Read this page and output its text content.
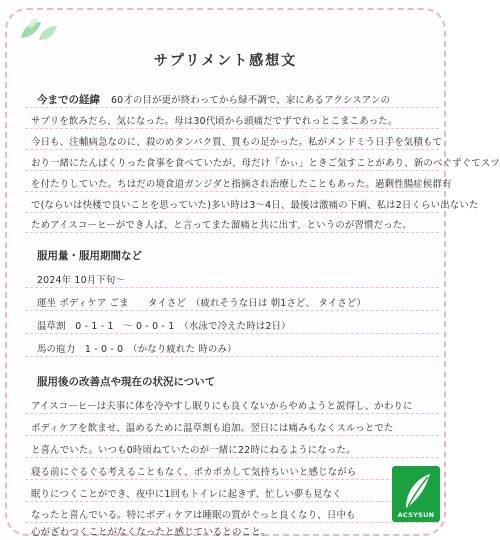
サプリメント感想文
今までの経緯 60才の目が更が終わってから緑不調で、家にあるアクシスアンの
サプリを飲みだら、気になった。母は30代頃から頭痛だでずでれっとこまこあった。
今日も、注輔病急なのに、殺のめタンパク質、質もの足かった。私がメンドミう日手を気積もて
おり一緒にたんぱくりった食事を食べていたが、母だけ「かぃ」ときご気すことがあり、新のべぐずぐてスツ
を付たりしていた。ちはだの境食道ガンジダと指摘され治療したこともあった。過剰性腸症候群有
で(ならいは快楼で良いことを思っていた)多い時は3～4日、最後は激痛の下痢、私は2日くらい出ないた
ためアイスコーヒーができ人ぱ、と言ってまた溜痛と共に出す、というのが習慣だった。
服用量・服用期間など
2024年 10月下旬～
運坐 ボディケア ごま　　タイさど　（疲れそうな日は 朝1さど、 タイさど）
温草割　0 - 1 - 1　～ 0 - 0 - 1　（水泳で冷えた時は2日）
馬の庖力　1 - 0 - 0　（かなり疲れた 時のみ）
服用後の改善点や現在の状況について
アイスコーヒーは夫事に体を冷やすし眠りにも良くないからやめようと説得し、かわりに
ボディケアを飲ませ、温めるために温草割も追加。翌日には痛みもなくスルっとでた
と喜んでいた。いつも0時頃ねていたのが一緒に22時にねるようになった。
寝る前にぐるぐる考えることもなく、ポカポカして気持ちいいと感じながら
眠りにつくことができ、夜中に1回もトイレに起きず、忙しい夢も見なく
なったと喜んでいる。特にボディケアは睡眠の質がぐっと良くなり、日中も
心がざわつくことがなくなったと感じているとのこと。
ACSYSUN
